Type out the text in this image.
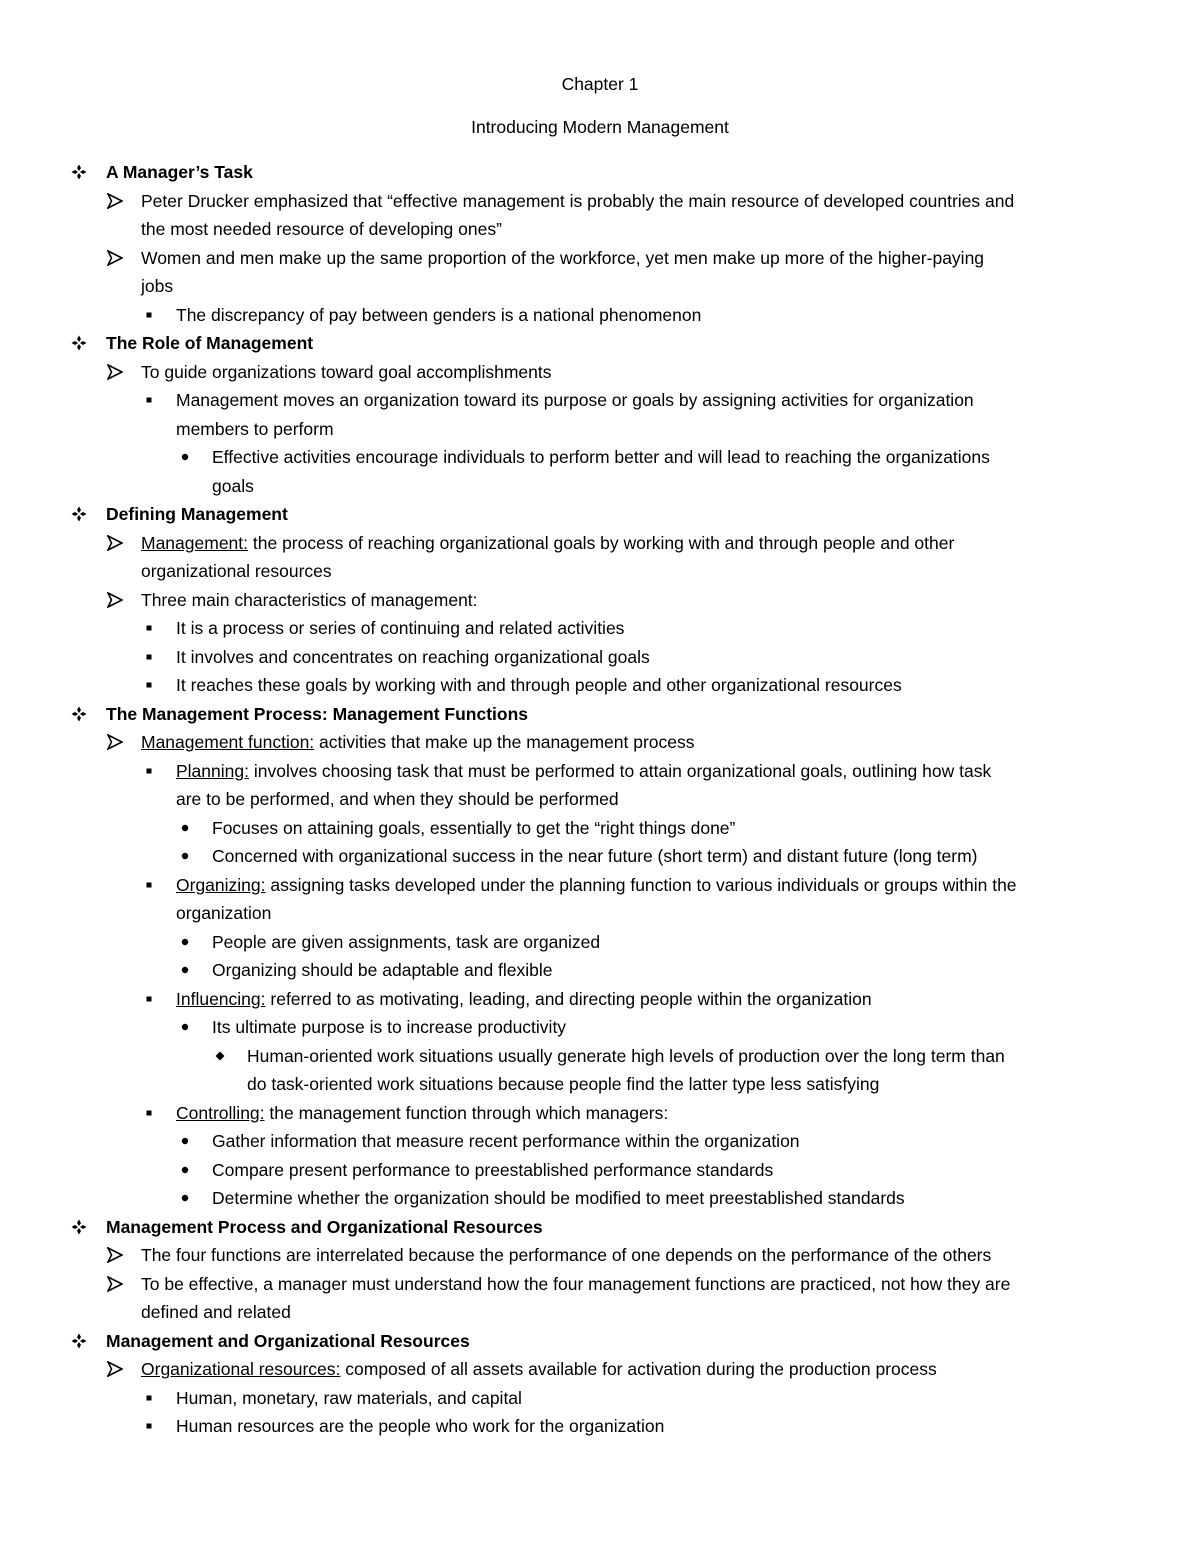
Chapter 1
Introducing Modern Management
A Manager’s Task
Peter Drucker emphasized that “effective management is probably the main resource of developed countries and
the most needed resource of developing ones”
Women and men make up the same proportion of the workforce, yet men make up more of the higher-paying
jobs
The discrepancy of pay between genders is a national phenomenon
The Role of Management
To guide organizations toward goal accomplishments
Management moves an organization toward its purpose or goals by assigning activities for organization
members to perform
Effective activities encourage individuals to perform better and will lead to reaching the organizations
goals
Defining Management
Management: the process of reaching organizational goals by working with and through people and other
organizational resources
Three main characteristics of management:
It is a process or series of continuing and related activities
It involves and concentrates on reaching organizational goals
It reaches these goals by working with and through people and other organizational resources
The Management Process: Management Functions
Management function: activities that make up the management process
Planning: involves choosing task that must be performed to attain organizational goals, outlining how task
are to be performed, and when they should be performed
Focuses on attaining goals, essentially to get the “right things done”
Concerned with organizational success in the near future (short term) and distant future (long term)
Organizing: assigning tasks developed under the planning function to various individuals or groups within the
organization
People are given assignments, task are organized
Organizing should be adaptable and flexible
Influencing: referred to as motivating, leading, and directing people within the organization
Its ultimate purpose is to increase productivity
Human-oriented work situations usually generate high levels of production over the long term than
do task-oriented work situations because people find the latter type less satisfying
Controlling: the management function through which managers:
Gather information that measure recent performance within the organization
Compare present performance to preestablished performance standards
Determine whether the organization should be modified to meet preestablished standards
Management Process and Organizational Resources
The four functions are interrelated because the performance of one depends on the performance of the others
To be effective, a manager must understand how the four management functions are practiced, not how they are
defined and related
Management and Organizational Resources
Organizational resources: composed of all assets available for activation during the production process
Human, monetary, raw materials, and capital
Human resources are the people who work for the organization
